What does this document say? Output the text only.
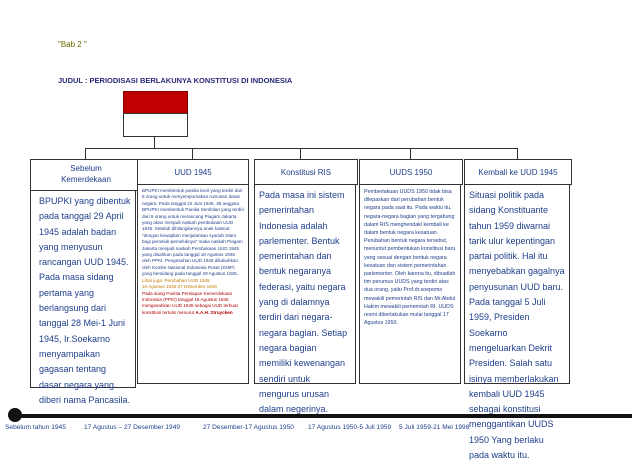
"Bab 2 "
JUDUL : PERIODISASI BERLAKUNYA KONSTITUSI DI INDONESIA
Sebelum
Kemerdekaan
UUD 1945	Konstitusi RIS	UUDS 1950	Kembali ke UUD 1945
BPUPKI yang dibentuk pada tanggal 29 April 1945 adalah badan yang menyusun rancangan UUD 1945. Pada masa sidang pertama yang berlangsung dari tanggal 28 Mei-1 Juni 1945, Ir.Soekarno menyampaikan gagasan tentang dasar negara yang diberi nama Pancasila.

BPUPKI membentuk panitia kecil yang terdiri dari 8 orang untuk menyempurnakan rumusan dasar negara. Pada tanggal 22 Juni 1945, 38 anggota BPUPKI membentuk Panitia Sembilan yang terdiri dari 9 orang untuk merancang Piagam Jakarta yang akan menjadi naskah pembukaan UUD 1945. Setelah dihilangkannya anak kalimat "dengan kewajiban menjalankan syariah islam bagi pemeluk-pemeluknya" maka naskah Piagam Jakarta menjadi naskah Pembukaan UUD 1945 yang disahkan pada tanggal 18 Agustus 1945 oleh PPKI. Pengesahan UUD 1945 dikukuhkan oleh Komite Nasional Indonesia Pusat (KNIP) yang bersidang pada tanggal 29 Agustus 1945.

Lihat juga: Perubahan UUD 1945

18 Agustus 1945-27 Desember 1949

Pada siang Panitia Persiapan Kemerdekaan Indonesia (PPKI) tanggal 18 Agustus 1945 mengesahkan UUD 1945 sebagai UUD terbuat konstitusi tertulis menurut A.A.H. Struycken

Pada masa ini sistem pemerintahan Indonesia adalah parlementer. Bentuk pemerintahan dan bentuk negaranya federasi, yaitu negara yang di dalamnya terdiri dari negara-negara bagian. Setiap negara bagian memiliki kewenangan sendiri untuk mengurus urusan dalam negerinya.
Pemberlakuan UUDS 1950 tidak bisa dilepaskan dari perubahan bentuk negara pada saat itu. Pada waktu itu, negara-negara bagian yang tergabung dalam RIS menghendaki kembali ke dalam bentuk negara kesatuan. Perubahan bentuk negara tersebut, menuntut pembentukan konstitusi baru yang sesuai dengan bentuk negara kesatuan dan sistem pemerintahan parlementer. Oleh karena itu, dibuatlah tim perumus UUDS yang terdiri atas dua orang, yaitu Prof.dr.soepomo mewakili pemerintah RIS dan Mr.Abdul Hakim mewakili pemerintah RI. UUDS resmi diberlakukan mulai tanggal 17 Agustus 1950.
Situasi politik pada sidang Konstituante tahun 1959 diwarnai tarik ulur kepentingan partai politik. Hal itu menyebabkan gagalnya penyusunan UUD baru. Pada tanggal 5 Juli 1959, Presiden Soekarno mengeluarkan Dekrit Presiden. Salah satu isinya memberlakukan kembali UUD 1945 sebagai konstitusi menggantikan UUDS 1950 Yang berlaku pada waktu itu.
Sebelum tahun 1945	17 Agustus – 27 Desember 1949	27 Desember-17 Agustus 1950 17 Agustus 1950-5 Juli 1959 5 Juli 1959-21 Mei 1998
